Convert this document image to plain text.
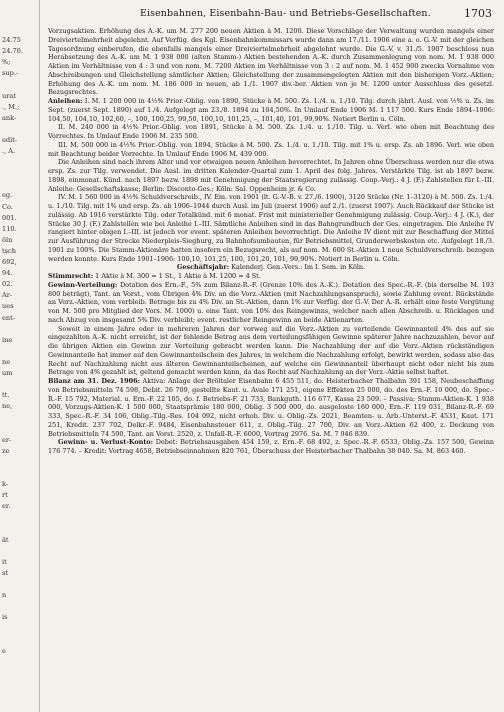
24.75
24.70.
%;
sup.-
urat
., M.;
ank-
edit-
., A.
eg.
Co.
001.
110.
öln
tsch
692,
94.
02.
Ar-
ues
ent-
ine
ne
um
tt.
ne,
er-
ze
k-
rt
er.
ät
it
st
n
is
e
Eisenbahnen, Eisenbahn-Bau- und Betriebs-Gesellschaften.	1703

Vorzugsaktien. Erhöhung des A.-K. um M. 277 200 neuen Aktien à M. 1200. Diese Vorschläge der Verwaltung wurden mangels einer Dreiviertelmehrheit abgelehnt. Auf Verfüg. des Kgl. Eisenbahnkommissars wurde dann am 17./11. 1906 eine a. o. G.-V. mit der gleichen Tagesordnung einberufen, die ebenfalls mangels einer Dreiviertelmehrheit abgelehnt wurde. Die G.-V. v. 31./5. 1907 beschloss nun Herabsetzung des A.-K. um M. 1 938 000 (alten Stamm-) Aktien bestehenden A.-K. durch Zusammenlegung von nom. M. 1 938 000 Aktien im Verhältnisse von 4 : 3 und von nom. M. 7200 Aktien im Verhältnisse von 3 : 2 auf nom. M. 1 452 900 zwecks Vornahme von Abschreibungen und Gleichstellung sämtlicher Aktien; Gleichstellung der zusammengelegten Aktien mit den bisherigen Vorz.-Aktien; Erhöhung des A.-K. um nom. M. 186 000 in neuen, ab 1./1. 1907 div.-ber. Aktien von je M. 1200 unter Ausschluss des gesetzl. Bezugsrechtes.

Anleihen: I. M. 1 200 000 in 4½% Prior.-Oblig. von 1890, Stücke à M. 500. Zs. 1./4. u. 1./10. Tilg. durch jährl. Ausl. von ½% u. Zs. im Sept. (zuerst Sept. 1890) auf 1./4. Aufgelegt am 23./8. 1894 zu 104,50%. In Umlauf Ende 1906 M. 1 117 500. Kurs Ende 1894–1906: 104,50, 104,10, 102,60, –, 100, 100,25, 99,50, 100,10, 101,25, –, 101,40, 101, 99,90%. Notiert Berlin u. Cöln.

II. M. 240 000 in 4½% Prior.-Oblig. von 1891, Stücke à M. 500. Zs. 1./4. u. 1./10. Tilg. u. Verl. wie oben mit Beachtung des Vorrechtes. In Umlauf Ende 1906 M. 235 500.

III. M. 500 000 in 4½% Prior.-Oblig. von 1894, Stücke à M. 500. Zs. 1./4. u. 1./10. Tilg. mit 1% u. ersp. Zs. ab 1896. Verl. wie oben mit Beachtung beider Vorrechte. In Umlauf Ende 1906 M. 439 000.

Die Anleihen sind nach ihrem Alter und vor etwaigen neuen Anleihen bevorrechtet. In Jahren ohne Überschuss werden nur die etwa ersp. Zs. zur Tilg. verwendet. Die Ausl. im dritten Kalender-Quartal zum 1. April des folg. Jahres. Verstärkte Tilg. ist ab 1897 bezw. 1898, einmonat. Künd. nach 1897 bezw. 1898 mit Genehmigung der Staatsregierung zulässig. Coup.-Verj.: 4 J. (F.) Zahlstellen für I.–III. Anleihe: Gesellschaftskasse; Berlin: Disconto-Ges.; Köln: Sal. Oppenheim jr. & Co.

IV. M. 1 560 000 in 4½% Schuldverschreib., IV. Em. von 1901 (lt. G.-V.-B. v. 27./6. 1900), 3120 Stücke (Nr. 1–3120) à M. 500. Zs. 1./4. u. 1./10. Tilg. mit 1% und ersp. Zs. ab 1906–1944 durch Ausl. im Juli (zuerst 1906) auf 2./1. (zuerst 1907). Auch Rückkauf der Stücke ist zulässig. Ab 1916 verstärkte Tilg. oder Totalkünd. mit 6 monat. Frist mit ministerieller Genehmigung zulässig. Coup.-Verj.: 4 J. (K.), der Stücke 30 J. (F.) Zahlstellen wie bei Anleihe I.–III. Sämtliche Anleihen sind in das Bahngrundbuch der Ges. eingetragen. Die Anleihe IV rangiert hinter obigen I.–III. ist jedoch vor event. späteren Anleihen bevorrechtigt. Die Anleihe IV dient mit zur Beschaffung der Mittel zur Ausführung der Strecke Niederpleis-Siegburg, zu Bahnhofsumbauten, für Betriebsmittel, Grunderwerbskosten etc. Aufgelegt 18./3. 1901 zu 100%. Die Stamm-Aktionäre hatten insofern ein Bezugsrecht, als auf nom. M. 600 St.-Aktien 1 neue Schuldverschreib. bezogen werden konnte. Kurs Ende 1901–1906: 100,10, 101,25, 100, 101,20, 101, 99,90%. Notiert in Berlin u. Cöln.

Geschäftsjahr: Kalenderj. Gen.-Vers.: Im I. Sem. in Köln.

Stimmrecht: 1 Aktie à M. 300 = 1 St., 1 Aktie à M. 1200 = 4 St.

Gewinn-Verteilung: Dotation des Ern.-F., 5% zum Bilanz-R.-F. (Grenze 10% des A.-K.). Dotation des Spec.-R.-F. (bis derselbe M. 193 800 beträgt), Tant. an Vorst., vom Übrigen 4% Div. an die Vorz.-Aktien (mit Nachzahlungsanspruch), sowie Zahlung event. Rückstände an Vorz.-Aktien, vom verbleib. Betrage bis zu 4% Div. an St.-Aktien, dann 1% zur Verfüg. der G.-V. Der A.-R. erhält eine feste Vergütung von M. 500 pro Mitglied der Vors. M. 1000) u. eine Tant. von 10% des Reingewinns, welcher nach allen Abschreib. u. Rücklagen und nach Abzug von insgesamt 5% Div. verbleibt; event. restlicher Reingewinn an beide Aktienarten.

Soweit in einem Jahre oder in mehreren Jahren der vorweg auf die Vorz.-Aktien zu verteilende Gewinnanteil 4% des auf sie eingezahlten A.-K. nicht erreicht, ist der fehlende Betrag aus dem verteilungsfähigen Gewinne späterer Jahre nachzuzahlen, bevor auf die übrigen Aktien ein Gewinn zur Verteilung gebracht werden kann. Die Nachzahlung der auf die Vorz.-Aktien rückständigen Gewinnanteile hat immer auf den Gewinnanteilschein des Jahres, in welchem die Nachzahlung erfolgt, bewirkt werden, sodass also das Recht auf Nachzahlung nicht aus älteren Gewinnanteilscheinen, auf welche ein Gewinnanteil überhaupt nicht oder nicht bis zum Betrage von 4% gezahlt ist, geltend gemacht werden kann, da das Recht auf Nachzahlung an der Vorz.-Aktie selbst haftet.

Bilanz am 31. Dez. 1906: Aktiva: Anlage der Bröltaler Eisenbahn 6 455 511, do. Heisterbacher Thalbahn 391 158, Neubeschaffung von Betriebsmitteln 74 598, Debit. 26 709, gestellte Kaut. u. Avale 171 251, eigene Effekten 25 000, do. des Ern.-F. 10 000, do. Spec.-R.-F. 15 792, Material. u. Ern.-F. 22 105, do. f. Betriebs-F. 21 733, Bankguth. 116 677, Kassa 23 509. – Passiva: Stamm-Aktien-K. 1 938 000, Vorzugs-Aktien-K. 1 500 000, Staatsprämie 180 000, Oblig. 3 500 000, do. ausgeloste 160 000, Ern.-F. 119 031, Bilanz-R.-F. 69 333, Spec.-R.-F. 34 106, Oblig.-Tilg.-Res. 104 092, nicht erhob. Div. u. Oblig.-Zs. 2021, Beamten- u. Arb.-Unterst.-F. 4531, Kaut. 171 251, Kredit. 237 702, Delkr.-F. 9484, Eisenbahnsteuer 611, z. Oblig.-Tilg. 27 700, Div. an Vorz.-Aktien 62 400, z. Deckung von Betriebsmitteln 74 590, Tant. an Vorst. 2520, z. Unfall-R.-F. 6000, Vortrag 2976. Sa. M. 7 946 839.

Gewinn- u. Verlust-Konto: Debet: Betriebsausgaben 454 159, z. Ern.-F. 68 492, z. Spec.-R.-F. 6533, Oblig.-Zs. 157 500, Gewinn 176 774. – Kredit: Vortrag 4658, Betriebseinnahmen 820 761, Überschuss der Heisterbacher Thalbahn 38 040. Sa. M. 863 460.
